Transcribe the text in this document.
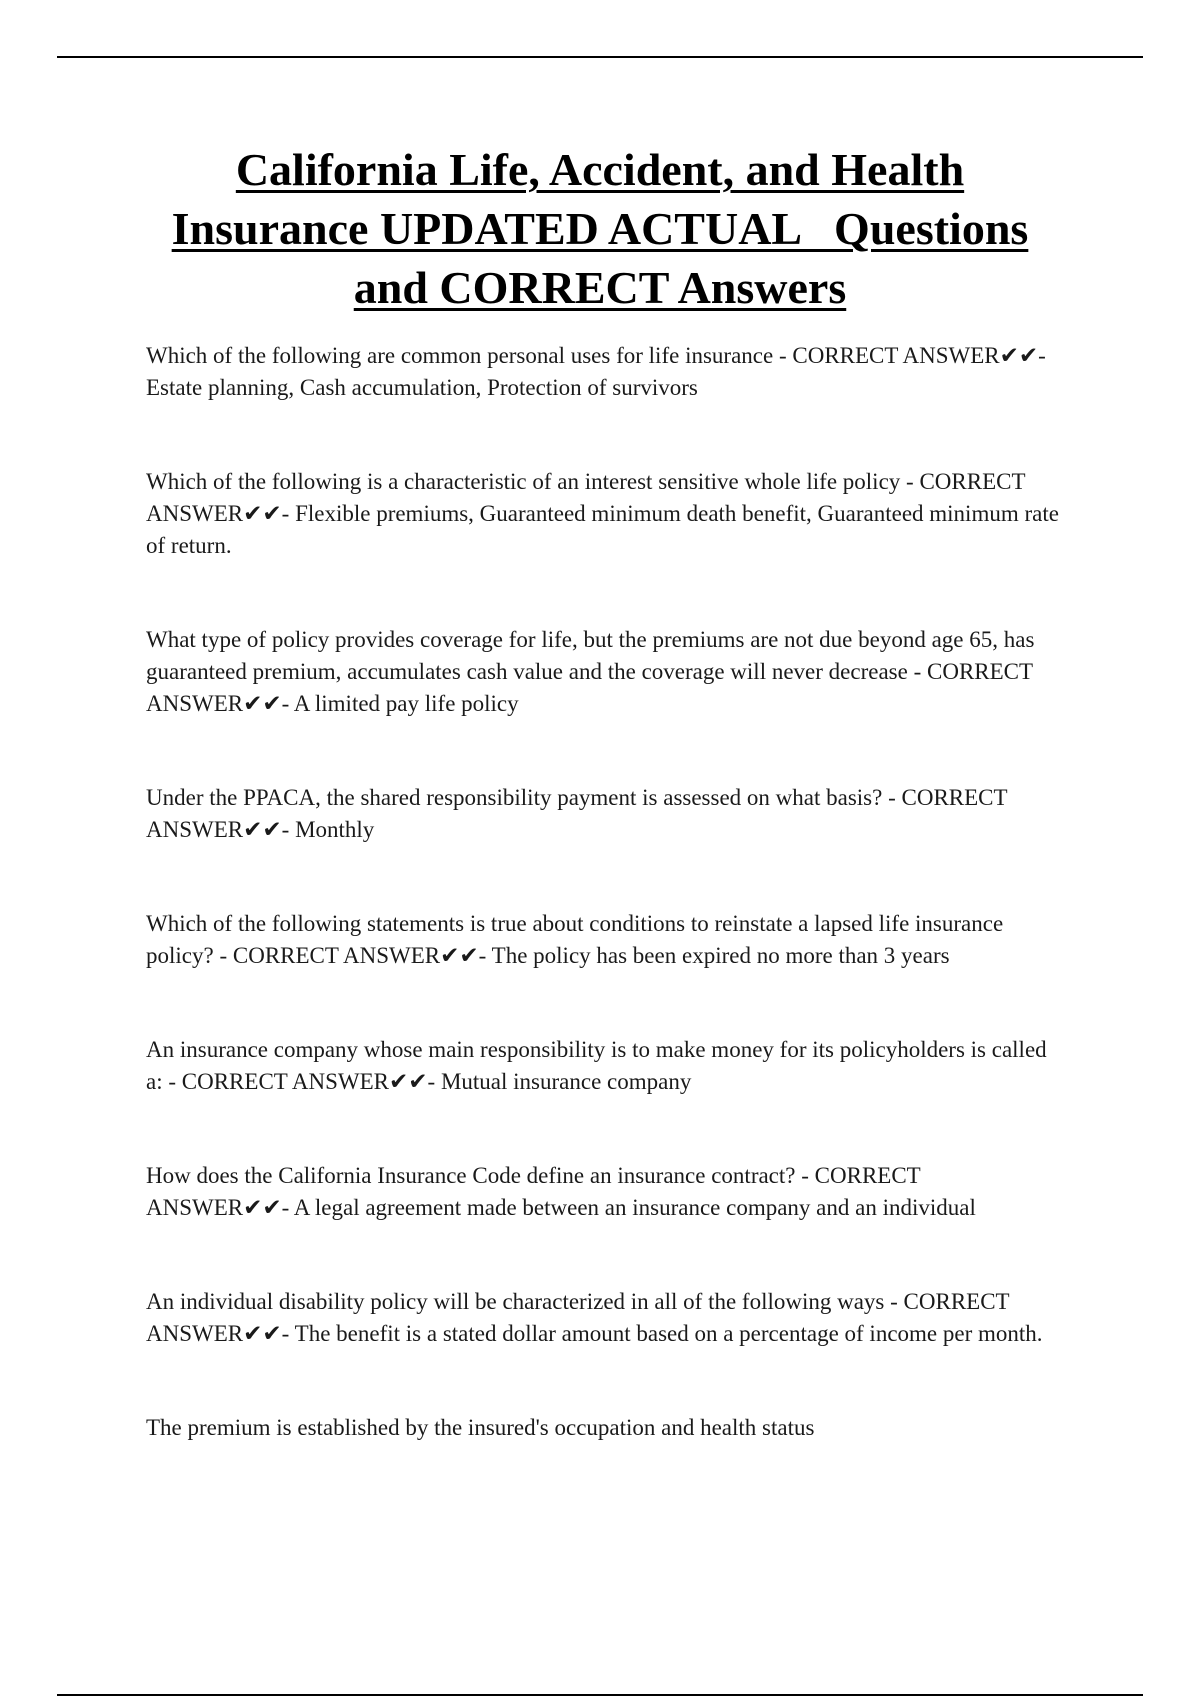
California Life, Accident, and Health
Insurance UPDATED ACTUAL   Questions
and CORRECT Answers

Which of the following are common personal uses for life insurance - CORRECT ANSWER✔✔- Estate planning, Cash accumulation, Protection of survivors

Which of the following is a characteristic of an interest sensitive whole life policy - CORRECT ANSWER✔✔- Flexible premiums, Guaranteed minimum death benefit, Guaranteed minimum rate of return.

What type of policy provides coverage for life, but the premiums are not due beyond age 65, has guaranteed premium, accumulates cash value and the coverage will never decrease - CORRECT ANSWER✔✔- A limited pay life policy

Under the PPACA, the shared responsibility payment is assessed on what basis? - CORRECT ANSWER✔✔- Monthly

Which of the following statements is true about conditions to reinstate a lapsed life insurance policy? - CORRECT ANSWER✔✔- The policy has been expired no more than 3 years

An insurance company whose main responsibility is to make money for its policyholders is called a: - CORRECT ANSWER✔✔- Mutual insurance company

How does the California Insurance Code define an insurance contract? - CORRECT ANSWER✔✔- A legal agreement made between an insurance company and an individual

An individual disability policy will be characterized in all of the following ways - CORRECT ANSWER✔✔- The benefit is a stated dollar amount based on a percentage of income per month.

The premium is established by the insured's occupation and health status
